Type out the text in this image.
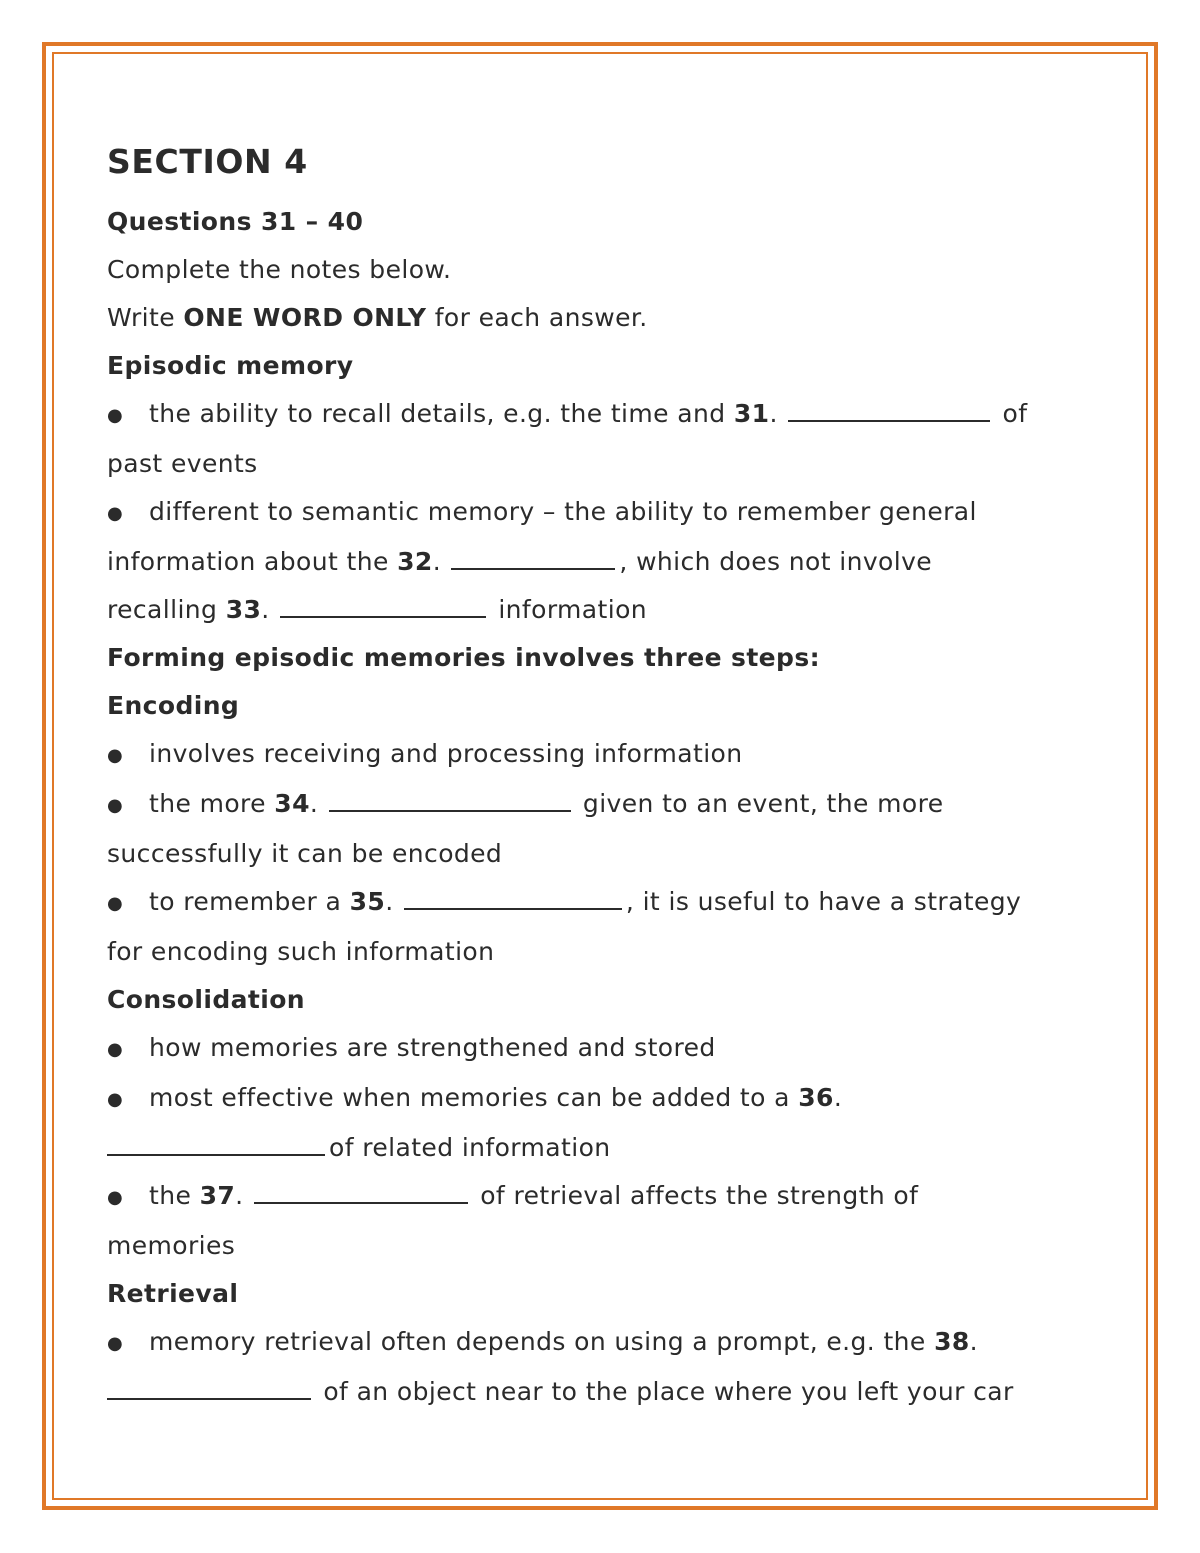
SECTION 4
Questions 31 – 40
Complete the notes below.
Write ONE WORD ONLY for each answer.
Episodic memory
● the ability to recall details, e.g. the time and 31.	of
past events
● different to semantic memory – the ability to remember general
information about the 32.	, which does not involve
recalling 33.	information
Forming episodic memories involves three steps:
Encoding
● involves receiving and processing information
● the more 34.	given to an event, the more
successfully it can be encoded
● to remember a 35.	, it is useful to have a strategy
for encoding such information
Consolidation
● how memories are strengthened and stored
● most effective when memories can be added to a 36.
of related information
● the 37.	of retrieval affects the strength of
memories
Retrieval
● memory retrieval often depends on using a prompt, e.g. the 38.
of an object near to the place where you left your car
